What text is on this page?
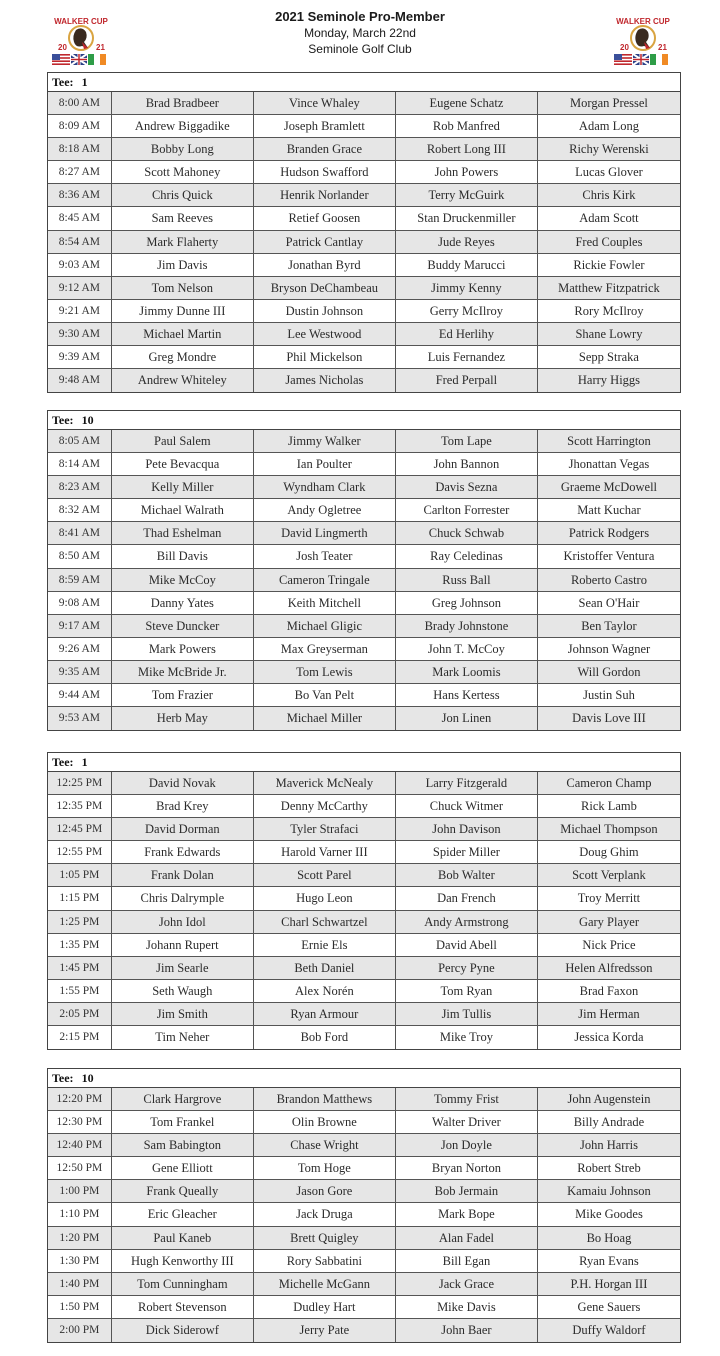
WALKER CUP
20	21
2021 Seminole Pro-Member
Monday, March 22nd
Seminole Golf Club
WALKER CUP
20	21
Tee: 1
8:00 AM	Brad Bradbeer	Vince Whaley	Eugene Schatz	Morgan Pressel
8:09 AM	Andrew Biggadike	Joseph Bramlett	Rob Manfred	Adam Long
8:18 AM	Bobby Long	Branden Grace	Robert Long III	Richy Werenski
8:27 AM	Scott Mahoney	Hudson Swafford	John Powers	Lucas Glover
8:36 AM	Chris Quick	Henrik Norlander	Terry McGuirk	Chris Kirk
8:45 AM	Sam Reeves	Retief Goosen	Stan Druckenmiller	Adam Scott
8:54 AM	Mark Flaherty	Patrick Cantlay	Jude Reyes	Fred Couples
9:03 AM	Jim Davis	Jonathan Byrd	Buddy Marucci	Rickie Fowler
9:12 AM	Tom Nelson	Bryson DeChambeau	Jimmy Kenny	Matthew Fitzpatrick
9:21 AM	Jimmy Dunne III	Dustin Johnson	Gerry McIlroy	Rory McIlroy
9:30 AM	Michael Martin	Lee Westwood	Ed Herlihy	Shane Lowry
9:39 AM	Greg Mondre	Phil Mickelson	Luis Fernandez	Sepp Straka
9:48 AM	Andrew Whiteley	James Nicholas	Fred Perpall	Harry Higgs
Tee: 10
8:05 AM	Paul Salem	Jimmy Walker	Tom Lape	Scott Harrington
8:14 AM	Pete Bevacqua	Ian Poulter	John Bannon	Jhonattan Vegas
8:23 AM	Kelly Miller	Wyndham Clark	Davis Sezna	Graeme McDowell
8:32 AM	Michael Walrath	Andy Ogletree	Carlton Forrester	Matt Kuchar
8:41 AM	Thad Eshelman	David Lingmerth	Chuck Schwab	Patrick Rodgers
8:50 AM	Bill Davis	Josh Teater	Ray Celedinas	Kristoffer Ventura
8:59 AM	Mike McCoy	Cameron Tringale	Russ Ball	Roberto Castro
9:08 AM	Danny Yates	Keith Mitchell	Greg Johnson	Sean O'Hair
9:17 AM	Steve Duncker	Michael Gligic	Brady Johnstone	Ben Taylor
9:26 AM	Mark Powers	Max Greyserman	John T. McCoy	Johnson Wagner
9:35 AM	Mike McBride Jr.	Tom Lewis	Mark Loomis	Will Gordon
9:44 AM	Tom Frazier	Bo Van Pelt	Hans Kertess	Justin Suh
9:53 AM	Herb May	Michael Miller	Jon Linen	Davis Love III
Tee: 1
12:25 PM	David Novak	Maverick McNealy	Larry Fitzgerald	Cameron Champ
12:35 PM	Brad Krey	Denny McCarthy	Chuck Witmer	Rick Lamb
12:45 PM	David Dorman	Tyler Strafaci	John Davison	Michael Thompson
12:55 PM	Frank Edwards	Harold Varner III	Spider Miller	Doug Ghim
1:05 PM	Frank Dolan	Scott Parel	Bob Walter	Scott Verplank
1:15 PM	Chris Dalrymple	Hugo Leon	Dan French	Troy Merritt
1:25 PM	John Idol	Charl Schwartzel	Andy Armstrong	Gary Player
1:35 PM	Johann Rupert	Ernie Els	David Abell	Nick Price
1:45 PM	Jim Searle	Beth Daniel	Percy Pyne	Helen Alfredsson
1:55 PM	Seth Waugh	Alex Norén	Tom Ryan	Brad Faxon
2:05 PM	Jim Smith	Ryan Armour	Jim Tullis	Jim Herman
2:15 PM	Tim Neher	Bob Ford	Mike Troy	Jessica Korda
Tee: 10
12:20 PM	Clark Hargrove	Brandon Matthews	Tommy Frist	John Augenstein
12:30 PM	Tom Frankel	Olin Browne	Walter Driver	Billy Andrade
12:40 PM	Sam Babington	Chase Wright	Jon Doyle	John Harris
12:50 PM	Gene Elliott	Tom Hoge	Bryan Norton	Robert Streb
1:00 PM	Frank Queally	Jason Gore	Bob Jermain	Kamaiu Johnson
1:10 PM	Eric Gleacher	Jack Druga	Mark Bope	Mike Goodes
1:20 PM	Paul Kaneb	Brett Quigley	Alan Fadel	Bo Hoag
1:30 PM	Hugh Kenworthy III	Rory Sabbatini	Bill Egan	Ryan Evans
1:40 PM	Tom Cunningham	Michelle McGann	Jack Grace	P.H. Horgan III
1:50 PM	Robert Stevenson	Dudley Hart	Mike Davis	Gene Sauers
2:00 PM	Dick Siderowf	Jerry Pate	John Baer	Duffy Waldorf
